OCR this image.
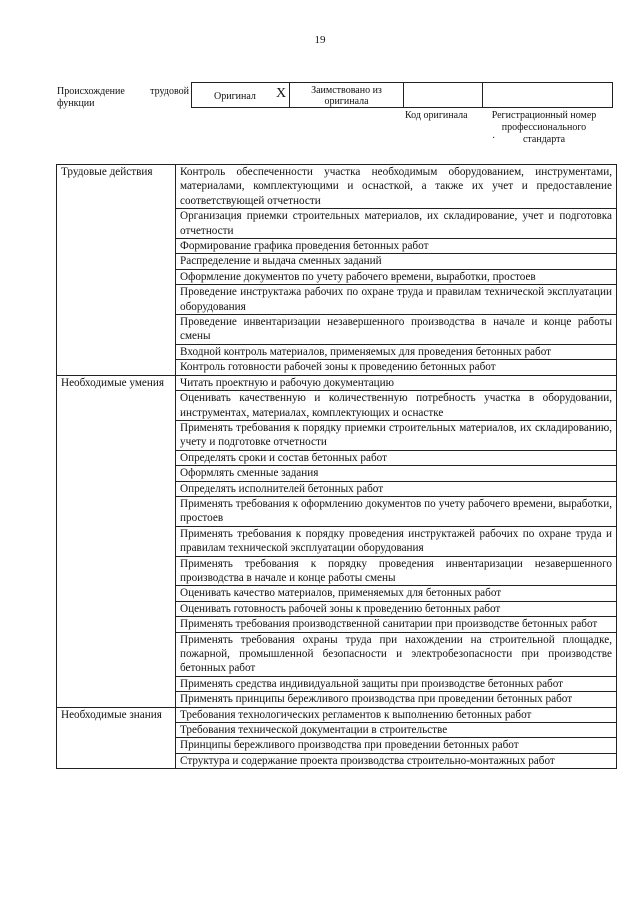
19
Происхождение трудовой
функции
Оригинал X	Заимствовано из оригинала
Код оригинала	Регистрационный номер профессионального стандарта
·
Трудовые действия	Контроль обеспеченности участка необходимым оборудованием, инструментами, материалами, комплектующими и оснасткой, а также их учет и предоставление соответствующей отчетности
	Организация приемки строительных материалов, их складирование, учет и подготовка отчетности
	Формирование графика проведения бетонных работ
	Распределение и выдача сменных заданий
	Оформление документов по учету рабочего времени, выработки, простоев
	Проведение инструктажа рабочих по охране труда и правилам технической эксплуатации оборудования
	Проведение инвентаризации незавершенного производства в начале и конце работы смены
	Входной контроль материалов, применяемых для проведения бетонных работ
	Контроль готовности рабочей зоны к проведению бетонных работ
Необходимые умения	Читать проектную и рабочую документацию
	Оценивать качественную и количественную потребность участка в оборудовании, инструментах, материалах, комплектующих и оснастке
	Применять требования к порядку приемки строительных материалов, их складированию, учету и подготовке отчетности
	Определять сроки и состав бетонных работ
	Оформлять сменные задания
	Определять исполнителей бетонных работ
	Применять требования к оформлению документов по учету рабочего времени, выработки, простоев
	Применять требования к порядку проведения инструктажей рабочих по охране труда и правилам технической эксплуатации оборудования
	Применять требования к порядку проведения инвентаризации незавершенного производства в начале и конце работы смены
	Оценивать качество материалов, применяемых для бетонных работ
	Оценивать готовность рабочей зоны к проведению бетонных работ
	Применять требования производственной санитарии при производстве бетонных работ
	Применять требования охраны труда при нахождении на строительной площадке, пожарной, промышленной безопасности и электробезопасности при производстве бетонных работ
	Применять средства индивидуальной защиты при производстве бетонных работ
	Применять принципы бережливого производства при проведении бетонных работ
Необходимые знания	Требования технологических регламентов к выполнению бетонных работ
	Требования технической документации в строительстве
	Принципы бережливого производства при проведении бетонных работ
	Структура и содержание проекта производства строительно-монтажных работ
